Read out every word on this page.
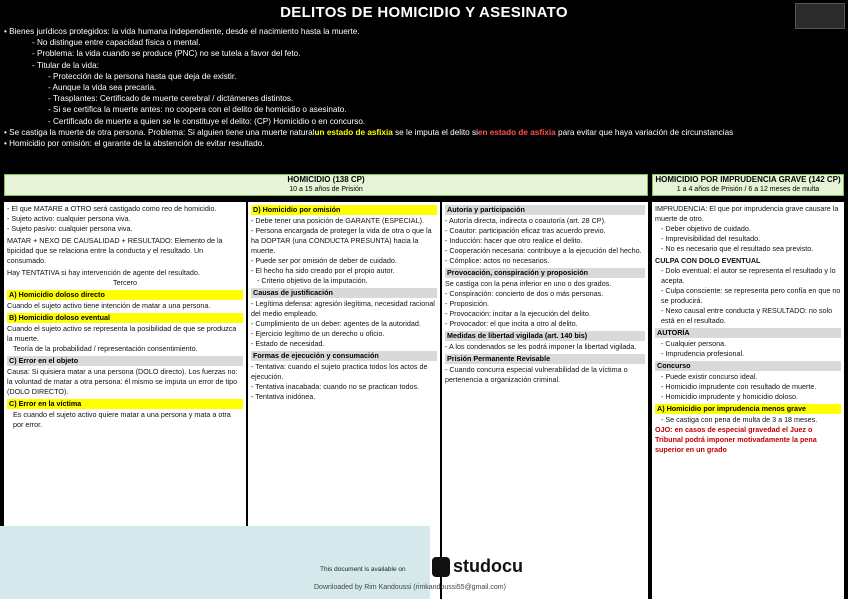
DELITOS DE HOMICIDIO Y ASESINATO
• Bienes jurídicos protegidos: la vida humana independiente, desde el nacimiento hasta la muerte.
- No distingue entre capacidad física o mental.
- Problema: la vida cuando se produce (PNC) no se tutela a favor del feto.
- Titular de la vida:
- Protección de la persona hasta que deja de existir.
- Aunque la vida sea precaria.
- Trasplantes: Certificado de muerte cerebral / dictámenes distintos.
- Si se certifica la muerte antes: no coopera con el delito de homicidio o asesinato.
- Certificado de muerte a quien se le constituye el delito: (CP) Homicidio o en concurso.
• Se castiga la muerte de otra persona. Problema: Si alguien tiene una muerte naturalun estado de asfixia se le imputa el delito sien estado de asfixia para evitar que haya variación de circunstancias
• Homicidio por omisión: el garante de la abstención de evitar resultado.
HOMICIDIO (138 CP)
10 a 15 años de Prisión
HOMICIDIO POR IMPRUDENCIA GRAVE (142 CP)
1 a 4 años de Prisión / 6 a 12 meses de multa

- El que MATARE a OTRO será castigado como reo de homicidio.

- Sujeto activo: cualquier persona viva.

- Sujeto pasivo: cualquier persona viva.

MATAR + NEXO DE CAUSALIDAD + RESULTADO: Elemento de la tipicidad que se relaciona entre la conducta y el resultado. Un consumado.

Hay TENTATIVA si hay intervención de agente del resultado.

Tercero

A) Homicidio doloso directo

Cuando el sujeto activo tiene intención de matar a una persona.

B) Homicidio doloso eventual

Cuando el sujeto activo se representa la posibilidad de que se produzca la muerte.

Teoría de la probabilidad / representación consentimiento.

C) Error en el objeto

Causa: Si quisiera matar a una persona (DOLO directo). Los fuerzas no: la voluntad de matar a otra persona: él mismo se imputa un error de tipo (DOLO DIRECTO).

C) Error en la víctima

Es cuando el sujeto activo quiere matar a una persona y mata a otra por error.

D) Homicidio por omisión

- Debe tener una posición de GARANTE (ESPECIAL).

- Persona encargada de proteger la vida de otra o que la ha DOPTAR (una CONDUCTA PRESUNTA) hacia la muerte.

- Puede ser por omisión de deber de cuidado.

- El hecho ha sido creado por el propio autor.

- Criterio objetivo de la imputación.

Causas de justificación

- Legítima defensa: agresión ilegítima, necesidad racional del medio empleado.

- Cumplimiento de un deber: agentes de la autoridad.

- Ejercicio legítimo de un derecho u oficio.

- Estado de necesidad.

Formas de ejecución y consumación

- Tentativa: cuando el sujeto practica todos los actos de ejecución.

- Tentativa inacabada: cuando no se practican todos.

- Tentativa inidónea.

Autoría y participación

- Autoría directa, indirecta o coautoría (art. 28 CP).

- Coautor: participación eficaz tras acuerdo previo.

- Inducción: hacer que otro realice el delito.

- Cooperación necesaria: contribuye a la ejecución del hecho.

- Cómplice: actos no necesarios.

Provocación, conspiración y proposición

Se castiga con la pena inferior en uno o dos grados.

- Conspiración: concierto de dos o más personas.

- Proposición.

- Provocación: incitar a la ejecución del delito.

- Provocador: el que incita a otro al delito.

Medidas de libertad vigilada (art. 140 bis)

- A los condenados se les podrá imponer la libertad vigilada.

Prisión Permanente Revisable

- Cuando concurra especial vulnerabilidad de la víctima o pertenencia a organización criminal.

IMPRUDENCIA: El que por imprudencia grave causare la muerte de otro.

- Deber objetivo de cuidado.

- Imprevisibilidad del resultado.

- No es necesario que el resultado sea previsto.

CULPA CON DOLO EVENTUAL

- Dolo eventual: el autor se representa el resultado y lo acepta.

- Culpa consciente: se representa pero confía en que no se producirá.

- Nexo causal entre conducta y RESULTADO: no solo está en el resultado.

AUTORÍA

- Cualquier persona.

- Imprudencia profesional.

Concurso

- Puede existir concurso ideal.

- Homicidio imprudente con resultado de muerte.

- Homicidio imprudente y homicidio doloso.

A) Homicidio por imprudencia menos grave

- Se castiga con pena de multa de 3 a 18 meses.

OJO: en casos de especial gravedad el Juez o Tribunal podrá imponer motivadamente la pena superior en un grado

This document is available on
Downloaded by Rim Kandoussi (rimkandoussi55@gmail.com)
studocu
